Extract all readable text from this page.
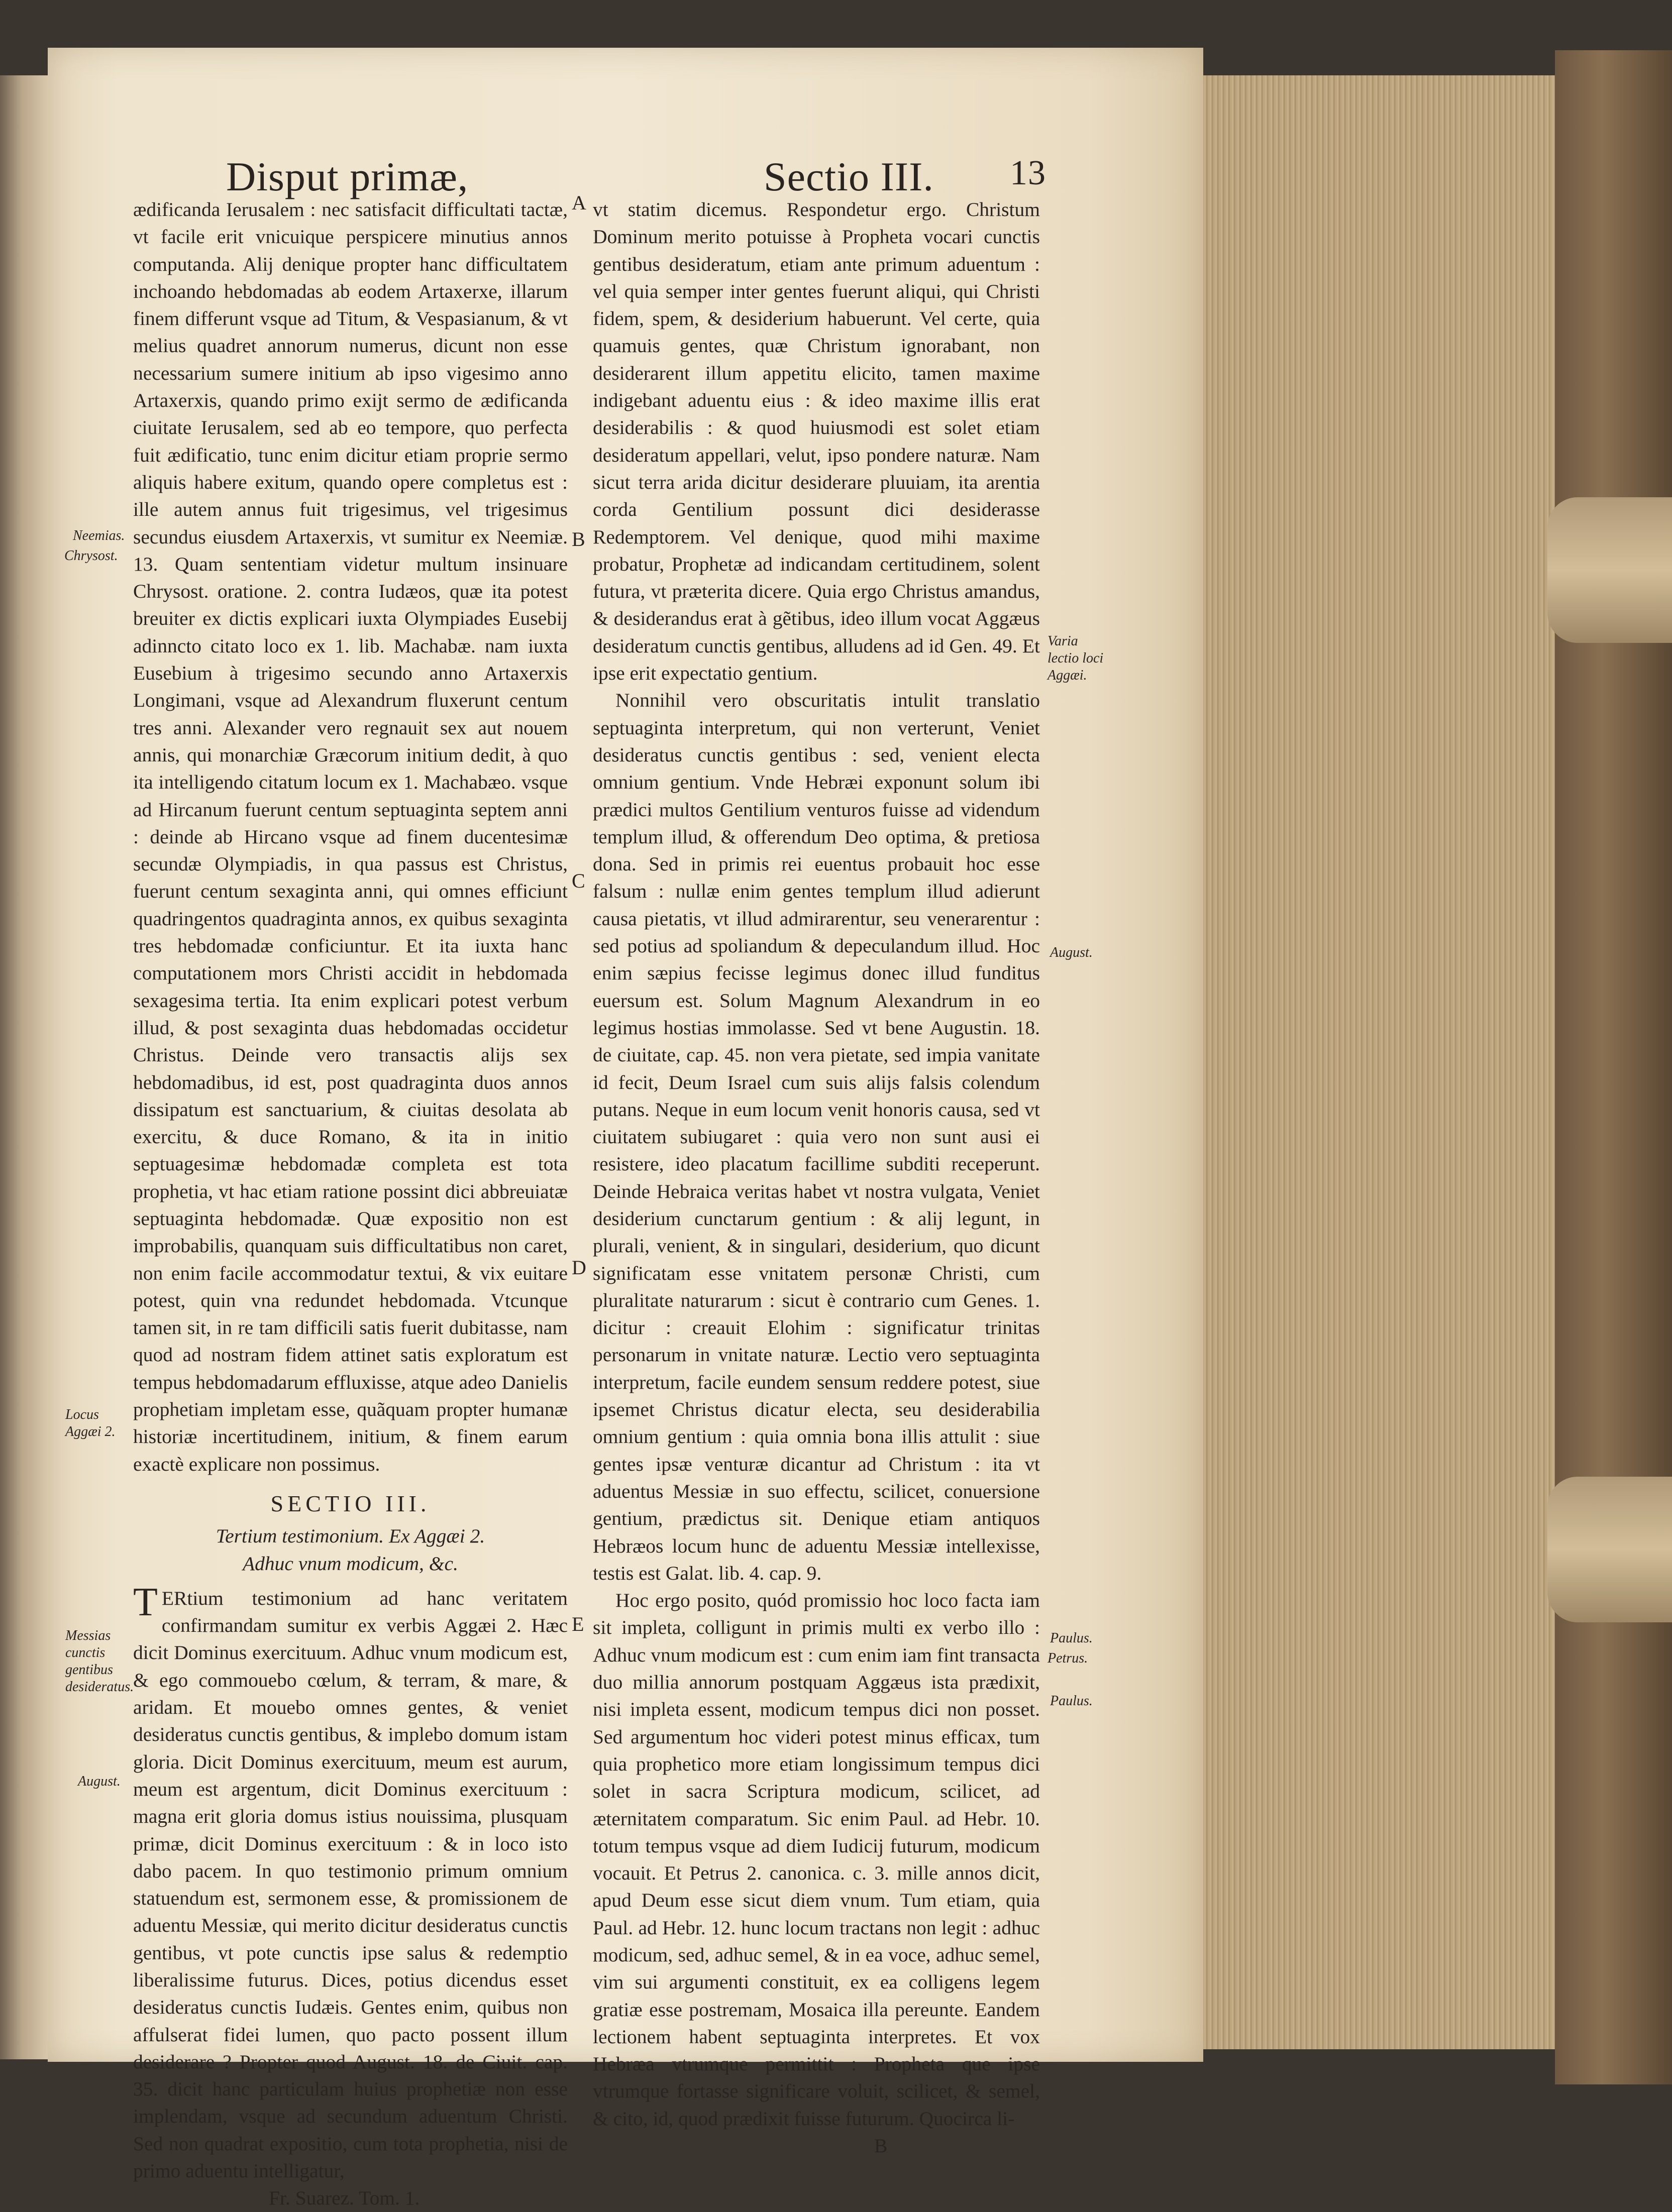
Disput primæ,	Sectio III. 13
Neemias.
Chrysost.
Locus Aggæi 2.
Messias cunctis gentibus desideratus.
August.
A
B
C
D
E

ædificanda Ierusalem : nec satisfacit difficultati tactæ, vt facile erit vnicuique perspicere minutius annos computanda. Alij denique propter hanc difficultatem inchoando hebdomadas ab eodem Artaxerxe, illarum finem differunt vsque ad Titum, & Vespasianum, & vt melius quadret annorum numerus, dicunt non esse necessarium sumere initium ab ipso vigesimo anno Artaxerxis, quando primo exijt sermo de ædificanda ciuitate Ierusalem, sed ab eo tempore, quo perfecta fuit ædificatio, tunc enim dicitur etiam proprie sermo aliquis habere exitum, quando opere completus est : ille autem annus fuit trigesimus, vel trigesimus secundus eiusdem Artaxerxis, vt sumitur ex Neemiæ. 13. Quam sententiam videtur multum insinuare Chrysost. oratione. 2. contra Iudæos, quæ ita potest breuiter ex dictis explicari iuxta Olympiades Eusebij adinncto citato loco ex 1. lib. Machabæ. nam iuxta Eusebium à trigesimo secundo anno Artaxerxis Longimani, vsque ad Alexandrum fluxerunt centum tres anni. Alexander vero regnauit sex aut nouem annis, qui monarchiæ Græcorum initium dedit, à quo ita intelligendo citatum locum ex 1. Machabæo. vsque ad Hircanum fuerunt centum septuaginta septem anni : deinde ab Hircano vsque ad finem ducentesimæ secundæ Olympiadis, in qua passus est Christus, fuerunt centum sexaginta anni, qui omnes efficiunt quadringentos quadraginta annos, ex quibus sexaginta tres hebdomadæ conficiuntur. Et ita iuxta hanc computationem mors Christi accidit in hebdomada sexagesima tertia. Ita enim explicari potest verbum illud, & post sexaginta duas hebdomadas occidetur Christus. Deinde vero transactis alijs sex hebdomadibus, id est, post quadraginta duos annos dissipatum est sanctuarium, & ciuitas desolata ab exercitu, & duce Romano, & ita in initio septuagesimæ hebdomadæ completa est tota prophetia, vt hac etiam ratione possint dici abbreuiatæ septuaginta hebdomadæ. Quæ expositio non est improbabilis, quanquam suis difficultatibus non caret, non enim facile accommodatur textui, & vix euitare potest, quin vna redundet hebdomada. Vtcunque tamen sit, in re tam difficili satis fuerit dubitasse, nam quod ad nostram fidem attinet satis exploratum est tempus hebdomadarum effluxisse, atque adeo Danielis prophetiam impletam esse, quãquam propter humanæ historiæ incertitudinem, initium, & finem earum exactè explicare non possimus.

SECTIO III.

Tertium testimonium. Ex Aggæi 2.

Adhuc vnum modicum, &c.

T ERtium testimonium ad hanc veritatem confirmandam sumitur ex verbis Aggæi 2. Hæc dicit Dominus exercituum. Adhuc vnum modicum est, & ego commouebo cœlum, & terram, & mare, & aridam. Et mouebo omnes gentes, & veniet desideratus cunctis gentibus, & implebo domum istam gloria. Dicit Dominus exercituum, meum est aurum, meum est argentum, dicit Dominus exercituum : magna erit gloria domus istius nouissima, plusquam primæ, dicit Dominus exercituum : & in loco isto dabo pacem. In quo testimonio primum omnium statuendum est, sermonem esse, & promissionem de aduentu Messiæ, qui merito dicitur desideratus cunctis gentibus, vt pote cunctis ipse salus & redemptio liberalissime futurus. Dices, potius dicendus esset desideratus cunctis Iudæis. Gentes enim, quibus non affulserat fidei lumen, quo pacto possent illum desiderare ? Propter quod August. 18. de Ciuit. cap. 35. dicit hanc particulam huius prophetiæ non esse implendam, vsque ad secundum aduentum Christi. Sed non quadrat expositio, cum tota prophetia, nisi de primo aduentu intelligatur,

Fr. Suarez. Tom. 1.

vt statim dicemus. Respondetur ergo. Christum Dominum merito potuisse à Propheta vocari cunctis gentibus desideratum, etiam ante primum aduentum : vel quia semper inter gentes fuerunt aliqui, qui Christi fidem, spem, & desiderium habuerunt. Vel certe, quia quamuis gentes, quæ Christum ignorabant, non desiderarent illum appetitu elicito, tamen maxime indigebant aduentu eius : & ideo maxime illis erat desiderabilis : & quod huiusmodi est solet etiam desideratum appellari, velut, ipso pondere naturæ. Nam sicut terra arida dicitur desiderare pluuiam, ita arentia corda Gentilium possunt dici desiderasse Redemptorem. Vel denique, quod mihi maxime probatur, Prophetæ ad indicandam certitudinem, solent futura, vt præterita dicere. Quia ergo Christus amandus, & desiderandus erat à gẽtibus, ideo illum vocat Aggæus desideratum cunctis gentibus, alludens ad id Gen. 49. Et ipse erit expectatio gentium.

Nonnihil vero obscuritatis intulit translatio septuaginta interpretum, qui non verterunt, Veniet desideratus cunctis gentibus : sed, venient electa omnium gentium. Vnde Hebræi exponunt solum ibi prædici multos Gentilium venturos fuisse ad videndum templum illud, & offerendum Deo optima, & pretiosa dona. Sed in primis rei euentus probauit hoc esse falsum : nullæ enim gentes templum illud adierunt causa pietatis, vt illud admirarentur, seu venerarentur : sed potius ad spoliandum & depeculandum illud. Hoc enim sæpius fecisse legimus donec illud funditus euersum est. Solum Magnum Alexandrum in eo legimus hostias immolasse. Sed vt bene Augustin. 18. de ciuitate, cap. 45. non vera pietate, sed impia vanitate id fecit, Deum Israel cum suis alijs falsis colendum putans. Neque in eum locum venit honoris causa, sed vt ciuitatem subiugaret : quia vero non sunt ausi ei resistere, ideo placatum facillime subditi receperunt. Deinde Hebraica veritas habet vt nostra vulgata, Veniet desiderium cunctarum gentium : & alij legunt, in plurali, venient, & in singulari, desiderium, quo dicunt significatam esse vnitatem personæ Christi, cum pluralitate naturarum : sicut è contrario cum Genes. 1. dicitur : creauit Elohim : significatur trinitas personarum in vnitate naturæ. Lectio vero septuaginta interpretum, facile eundem sensum reddere potest, siue ipsemet Christus dicatur electa, seu desiderabilia omnium gentium : quia omnia bona illis attulit : siue gentes ipsæ venturæ dicantur ad Christum : ita vt aduentus Messiæ in suo effectu, scilicet, conuersione gentium, prædictus sit. Denique etiam antiquos Hebræos locum hunc de aduentu Messiæ intellexisse, testis est Galat. lib. 4. cap. 9.

Hoc ergo posito, quód promissio hoc loco facta iam sit impleta, colligunt in primis multi ex verbo illo : Adhuc vnum modicum est : cum enim iam fint transacta duo millia annorum postquam Aggæus ista prædixit, nisi impleta essent, modicum tempus dici non posset. Sed argumentum hoc videri potest minus efficax, tum quia prophetico more etiam longissimum tempus dici solet in sacra Scriptura modicum, scilicet, ad æternitatem comparatum. Sic enim Paul. ad Hebr. 10. totum tempus vsque ad diem Iudicij futurum, modicum vocauit. Et Petrus 2. canonica. c. 3. mille annos dicit, apud Deum esse sicut diem vnum. Tum etiam, quia Paul. ad Hebr. 12. hunc locum tractans non legit : adhuc modicum, sed, adhuc semel, & in ea voce, adhuc semel, vim sui argumenti constituit, ex ea colligens legem gratiæ esse postremam, Mosaica illa pereunte. Eandem lectionem habent septuaginta interpretes. Et vox Hebræa vtrumque permittit : Propheta que ipse vtrumque fortasse significare voluit, scilicet, & semel, & cito, id, quod prædixit fuisse futurum. Quocirca li-

B

Varia lectio loci Aggæi.
August.
Paulus.
Petrus.
Paulus.
